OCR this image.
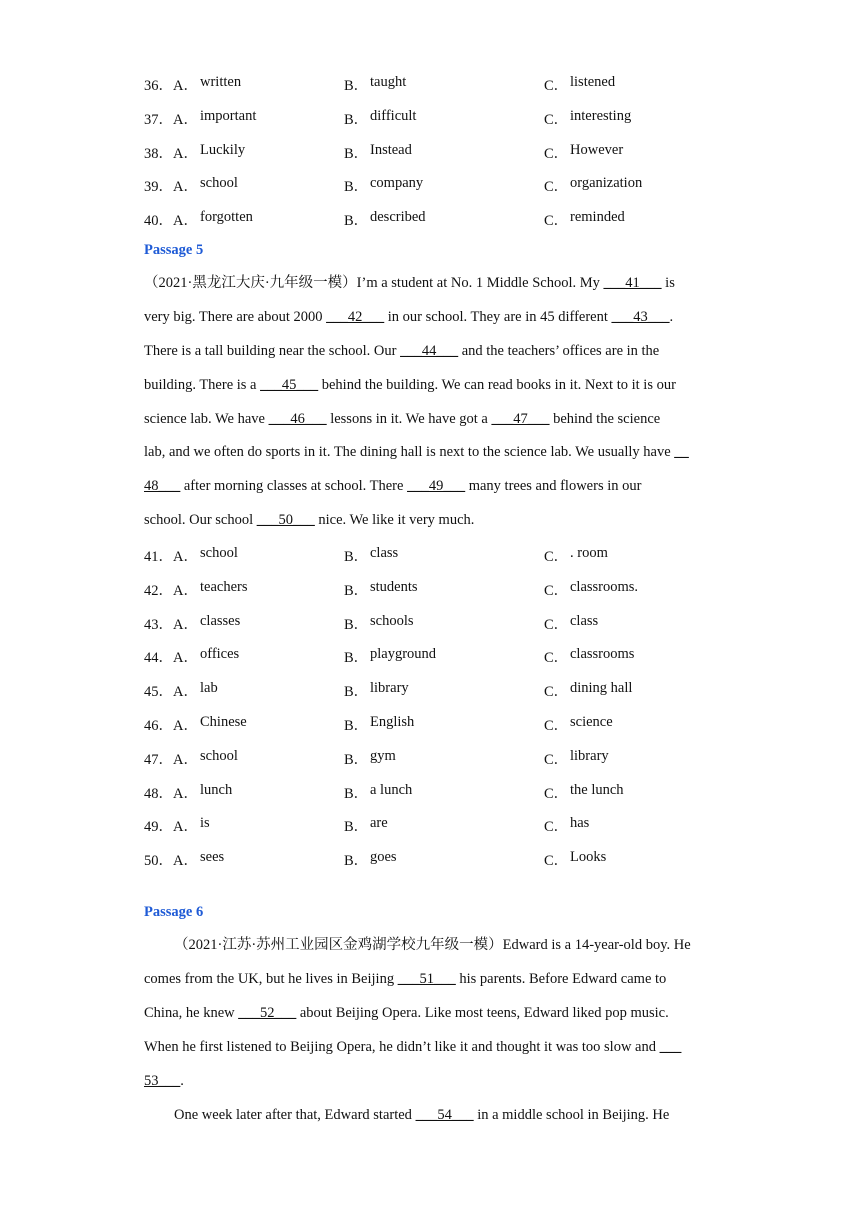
36．A． written	B． taught	C． listened
37．A． important	B． difficult	C． interesting
38．A． Luckily	B． Instead	C． However
39．A． school	B． company	C． organization
40．A． forgotten	B． described	C． reminded
Passage 5
（2021·黑龙江大庆·九年级一模）I’m a student at No. 1 Middle School. My ___41___ is
very big. There are about 2000 ___42___ in our school. They are in 45 different ___43___.
There is a tall building near the school. Our ___44___ and the teachers’ offices are in the
building. There is a ___45___ behind the building. We can read books in it. Next to it is our
science lab. We have ___46___ lessons in it. We have got a ___47___ behind the science
lab, and we often do sports in it. The dining hall is next to the science lab. We usually have __
48___ after morning classes at school. There ___49___ many trees and flowers in our
school. Our school ___50___ nice. We like it very much.
41．A． school	B． class	C． . room
42．A． teachers	B． students	C． classrooms.
43．A． classes	B． schools	C． class
44．A． offices	B． playground	C． classrooms
45．A． lab	B． library	C． dining hall
46．A． Chinese	B． English	C． science
47．A． school	B． gym	C． library
48．A． lunch	B． a lunch	C． the lunch
49．A． is	B． are	C． has
50．A． sees	B． goes	C． Looks
Passage 6
（2021·江苏·苏州工业园区金鸡湖学校九年级一模）Edward is a 14-year-old boy. He
comes from the UK, but he lives in Beijing ___51___ his parents. Before Edward came to
China, he knew ___52___ about Beijing Opera. Like most teens, Edward liked pop music.
When he first listened to Beijing Opera, he didn’t like it and thought it was too slow and ___
53___.
One week later after that, Edward started ___54___ in a middle school in Beijing. He
